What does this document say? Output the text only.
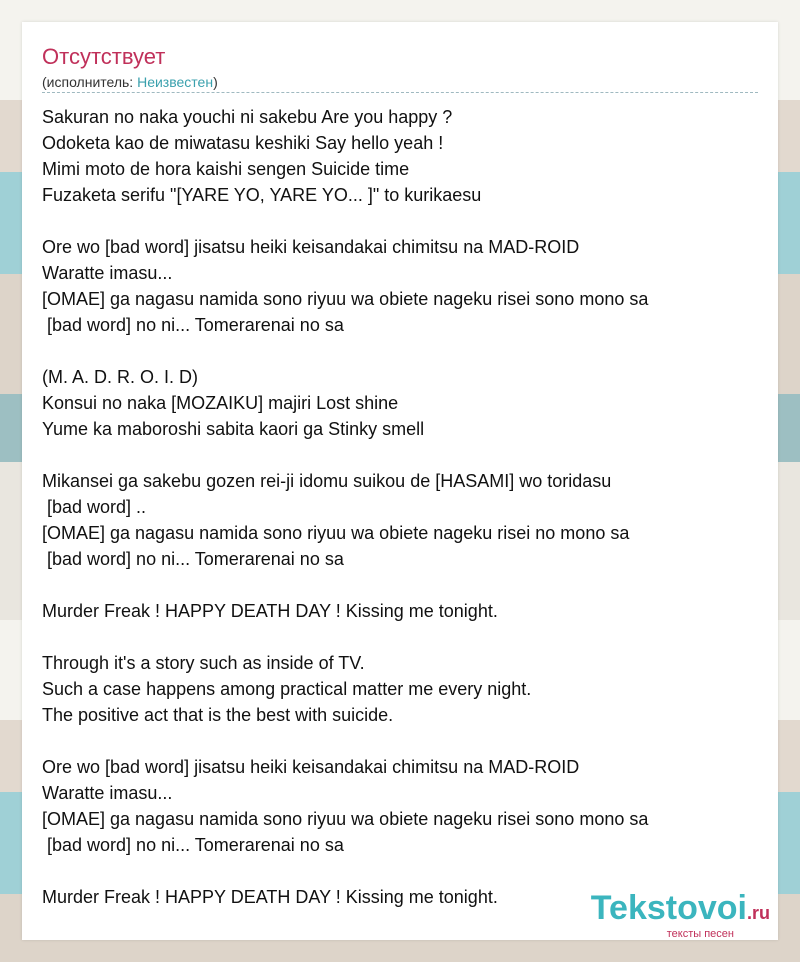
Отсутствует
(исполнитель: Неизвестен)
Sakuran no naka youchi ni sakebu Are you happy ?
Odoketa kao de miwatasu keshiki Say hello yeah !
Mimi moto de hora kaishi sengen Suicide time
Fuzaketa serifu "[YARE YO, YARE YO... ]" to kurikaesu
Ore wo [bad word] jisatsu heiki keisandakai chimitsu na MAD-ROID
Waratte imasu...
[OMAE] ga nagasu namida sono riyuu wa obiete nageku risei sono mono sa
[bad word] no ni... Tomerarenai no sa
(M. A. D. R. O. I. D)
Konsui no naka [MOZAIKU] majiri Lost shine
Yume ka maboroshi sabita kaori ga Stinky smell
Mikansei ga sakebu gozen rei-ji idomu suikou de [HASAMI] wo toridasu
[bad word] ..
[OMAE] ga nagasu namida sono riyuu wa obiete nageku risei no mono sa
[bad word] no ni... Tomerarenai no sa
Murder Freak ! HAPPY DEATH DAY ! Kissing me tonight.
Through it's a story such as inside of TV.
Such a case happens among practical matter me every night.
The positive act that is the best with suicide.
Ore wo [bad word] jisatsu heiki keisandakai chimitsu na MAD-ROID
Waratte imasu...
[OMAE] ga nagasu namida sono riyuu wa obiete nageku risei sono mono sa
[bad word] no ni... Tomerarenai no sa
Murder Freak ! HAPPY DEATH DAY ! Kissing me tonight.	Tekstovoi.ru
тексты песен
